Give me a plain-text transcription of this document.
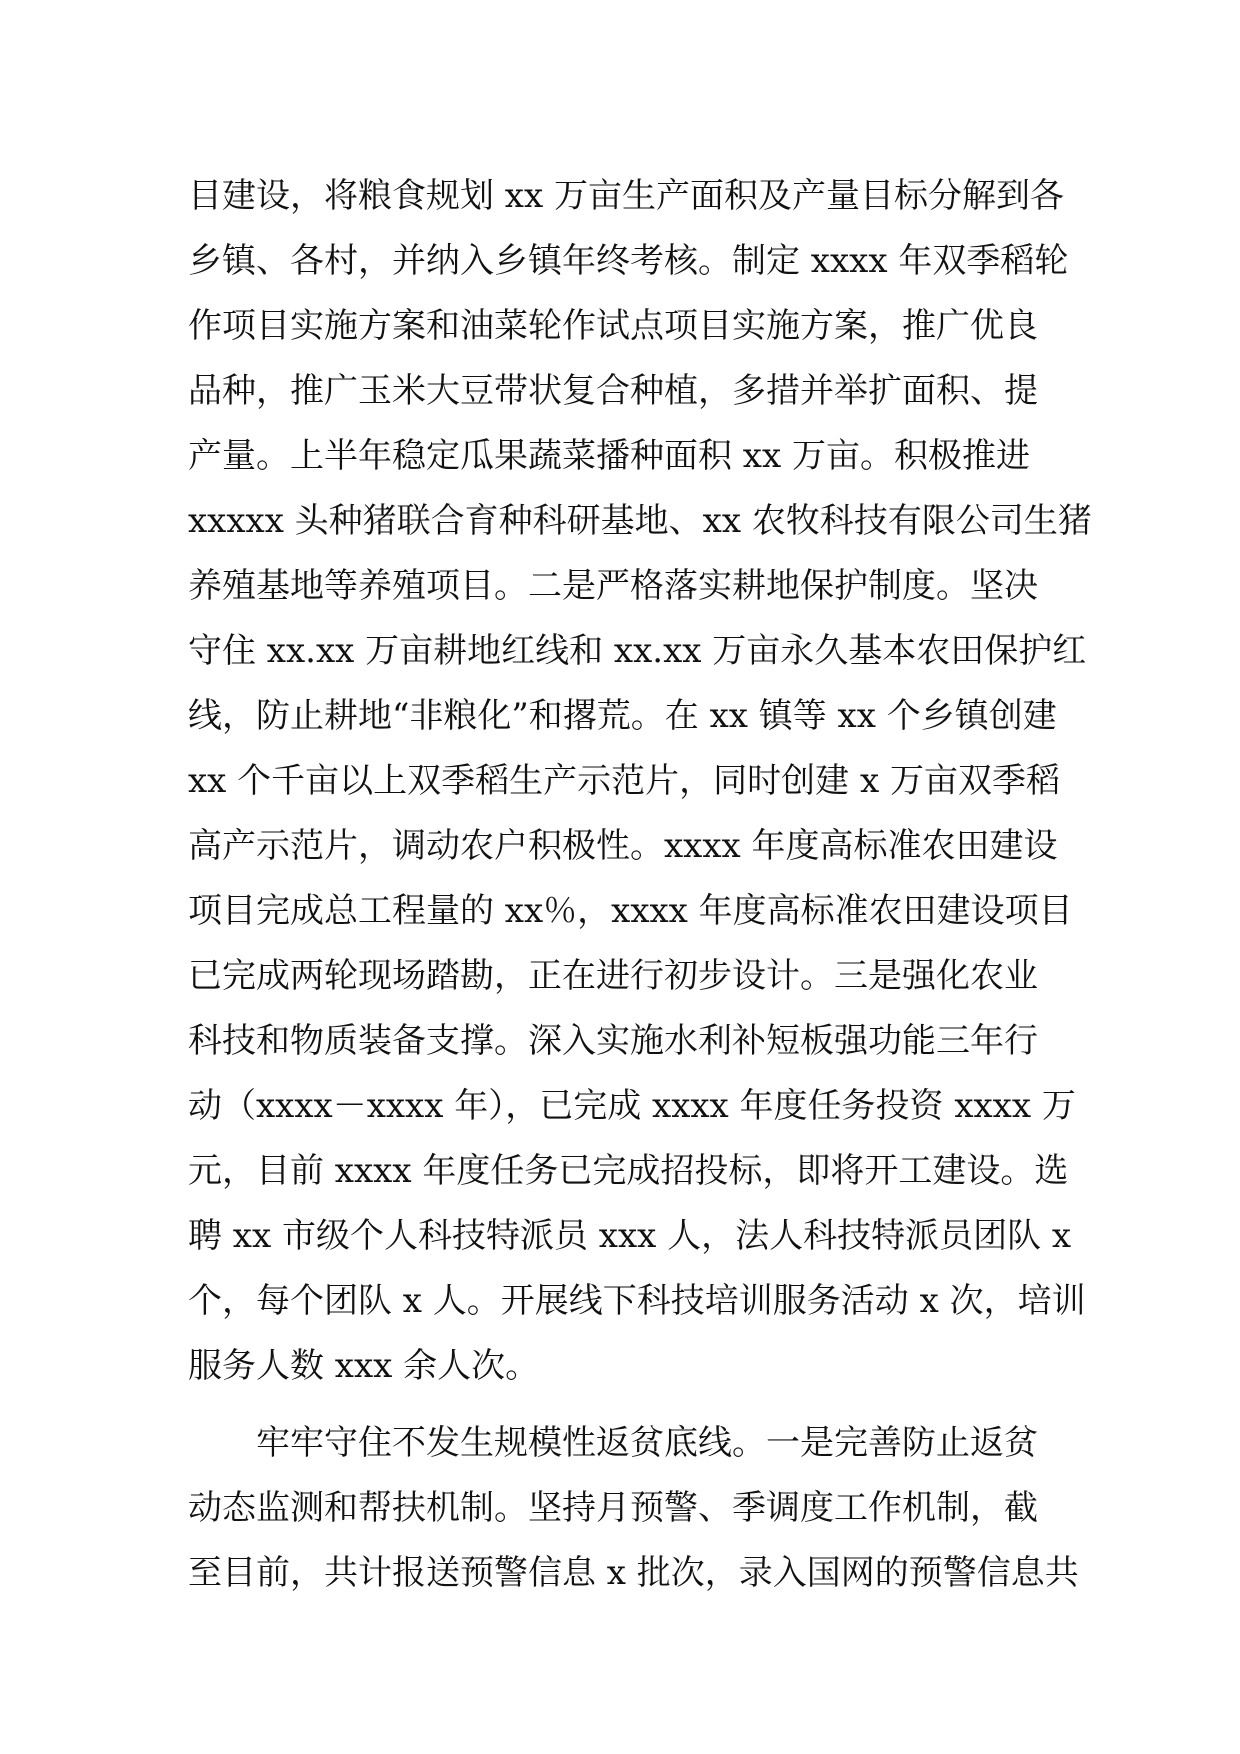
目建设，将粮食规划 xx 万亩生产面积及产量目标分解到各
乡镇、各村，并纳入乡镇年终考核。制定 xxxx 年双季稻轮
作项目实施方案和油菜轮作试点项目实施方案，推广优良
品种，推广玉米大豆带状复合种植，多措并举扩面积、提
产量。上半年稳定瓜果蔬菜播种面积 xx 万亩。积极推进
xxxxx 头种猪联合育种科研基地、xx 农牧科技有限公司生猪
养殖基地等养殖项目。二是严格落实耕地保护制度。坚决
守住 xx.xx 万亩耕地红线和 xx.xx 万亩永久基本农田保护红
线，防止耕地“非粮化”和撂荒。在 xx 镇等 xx 个乡镇创建
xx 个千亩以上双季稻生产示范片，同时创建 x 万亩双季稻
高产示范片，调动农户积极性。xxxx 年度高标准农田建设
项目完成总工程量的 xx％，xxxx 年度高标准农田建设项目
已完成两轮现场踏勘，正在进行初步设计。三是强化农业
科技和物质装备支撑。深入实施水利补短板强功能三年行
动（xxxx－xxxx 年），已完成 xxxx 年度任务投资 xxxx 万
元，目前 xxxx 年度任务已完成招投标，即将开工建设。选
聘 xx 市级个人科技特派员 xxx 人，法人科技特派员团队 x
个，每个团队 x 人。开展线下科技培训服务活动 x 次，培训
服务人数 xxx 余人次。
牢牢守住不发生规模性返贫底线。一是完善防止返贫
动态监测和帮扶机制。坚持月预警、季调度工作机制，截
至目前，共计报送预警信息 x 批次，录入国网的预警信息共
